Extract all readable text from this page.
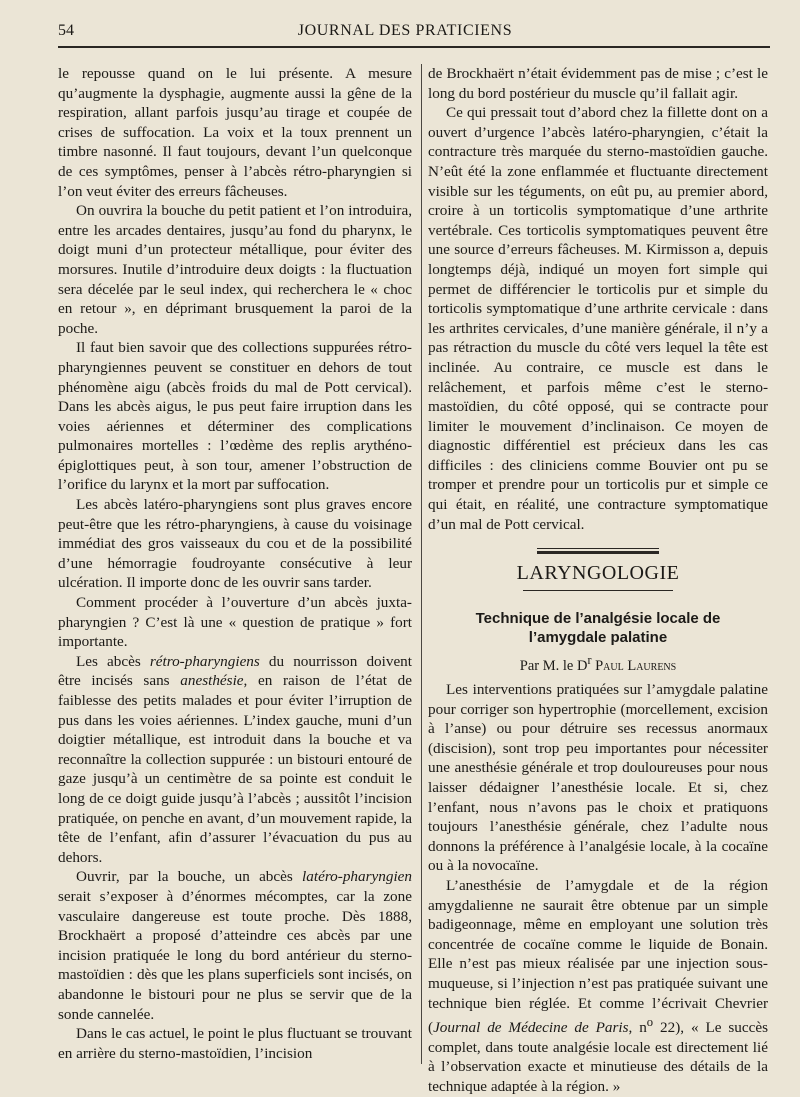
54	JOURNAL DES PRATICIENS

le repousse quand on le lui présente. A mesure qu’augmente la dysphagie, augmente aussi la gêne de la respiration, allant parfois jusqu’au tirage et coupée de crises de suffocation. La voix et la toux prennent un timbre nasonné. Il faut toujours, devant l’un quelconque de ces symptômes, penser à l’abcès rétro-pharyngien si l’on veut éviter des erreurs fâcheuses.

On ouvrira la bouche du petit patient et l’on introduira, entre les arcades dentaires, jusqu’au fond du pharynx, le doigt muni d’un protecteur métallique, pour éviter des morsures. Inutile d’introduire deux doigts : la fluctuation sera décelée par le seul index, qui recherchera le « choc en retour », en déprimant brusquement la paroi de la poche.

Il faut bien savoir que des collections suppurées rétro-pharyngiennes peuvent se constituer en dehors de tout phénomène aigu (abcès froids du mal de Pott cervical). Dans les abcès aigus, le pus peut faire irruption dans les voies aériennes et déterminer des complications pulmonaires mortelles : l’œdème des replis arythéno-épiglottiques peut, à son tour, amener l’obstruction de l’orifice du larynx et la mort par suffocation.

Les abcès latéro-pharyngiens sont plus graves encore peut-être que les rétro-pharyngiens, à cause du voisinage immédiat des gros vaisseaux du cou et de la possibilité d’une hémorragie foudroyante consécutive à leur ulcération. Il importe donc de les ouvrir sans tarder.

Comment procéder à l’ouverture d’un abcès juxta-pharyngien ? C’est là une « question de pratique » fort importante.

Les abcès rétro-pharyngiens du nourrisson doivent être incisés sans anesthésie, en raison de l’état de faiblesse des petits malades et pour éviter l’irruption de pus dans les voies aériennes. L’index gauche, muni d’un doigtier métallique, est introduit dans la bouche et va reconnaître la collection suppurée : un bistouri entouré de gaze jusqu’à un centimètre de sa pointe est conduit le long de ce doigt guide jusqu’à l’abcès ; aussitôt l’incision pratiquée, on penche en avant, d’un mouvement rapide, la tête de l’enfant, afin d’assurer l’évacuation du pus au dehors.

Ouvrir, par la bouche, un abcès latéro-pharyngien serait s’exposer à d’énormes mécomptes, car la zone vasculaire dangereuse est toute proche. Dès 1888, Brockhaërt a proposé d’atteindre ces abcès par une incision pratiquée le long du bord antérieur du sterno-mastoïdien : dès que les plans superficiels sont incisés, on abandonne le bistouri pour ne plus se servir que de la sonde cannelée.

Dans le cas actuel, le point le plus fluctuant se trouvant en arrière du sterno-mastoïdien, l’incision

de Brockhaërt n’était évidemment pas de mise ; c’est le long du bord postérieur du muscle qu’il fallait agir.

Ce qui pressait tout d’abord chez la fillette dont on a ouvert d’urgence l’abcès latéro-pharyngien, c’était la contracture très marquée du sterno-mastoïdien gauche. N’eût été la zone enflammée et fluctuante directement visible sur les téguments, on eût pu, au premier abord, croire à un torticolis symptomatique d’une arthrite vertébrale. Ces torticolis symptomatiques peuvent être une source d’erreurs fâcheuses. M. Kirmisson a, depuis longtemps déjà, indiqué un moyen fort simple qui permet de différencier le torticolis pur et simple du torticolis symptomatique d’une arthrite cervicale : dans les arthrites cervicales, d’une manière générale, il n’y a pas rétraction du muscle du côté vers lequel la tête est inclinée. Au contraire, ce muscle est dans le relâchement, et parfois même c’est le sterno-mastoïdien, du côté opposé, qui se contracte pour limiter le mouvement d’inclinaison. Ce moyen de diagnostic différentiel est précieux dans les cas difficiles : des cliniciens comme Bouvier ont pu se tromper et prendre pour un torticolis pur et simple ce qui était, en réalité, une contracture symptomatique d’un mal de Pott cervical.

LARYNGOLOGIE
Technique de l’analgésie locale de
l’amygdale palatine
Par M. le $D^r$ Paul Laurens

Les interventions pratiquées sur l’amygdale palatine pour corriger son hypertrophie (morcellement, excision à l’anse) ou pour détruire ses recessus anormaux (discision), sont trop peu importantes pour nécessiter une anesthésie générale et trop douloureuses pour nous laisser dédaigner l’anesthésie locale. Et si, chez l’enfant, nous n’avons pas le choix et pratiquons toujours l’anesthésie générale, chez l’adulte nous donnons la préférence à l’analgésie locale, à la cocaïne ou à la novocaïne.

L’anesthésie de l’amygdale et de la région amygdalienne ne saurait être obtenue par un simple badigeonnage, même en employant une solution très concentrée de cocaïne comme le liquide de Bonain. Elle n’est pas mieux réalisée par une injection sous-muqueuse, si l’injection n’est pas pratiquée suivant une technique bien réglée. Et comme l’écrivait Chevrier (Journal de Médecine de Paris, $n^o$ 22), « Le succès complet, dans toute analgésie locale est directement lié à l’observation exacte et minutieuse des détails de la technique adaptée à la région. »
